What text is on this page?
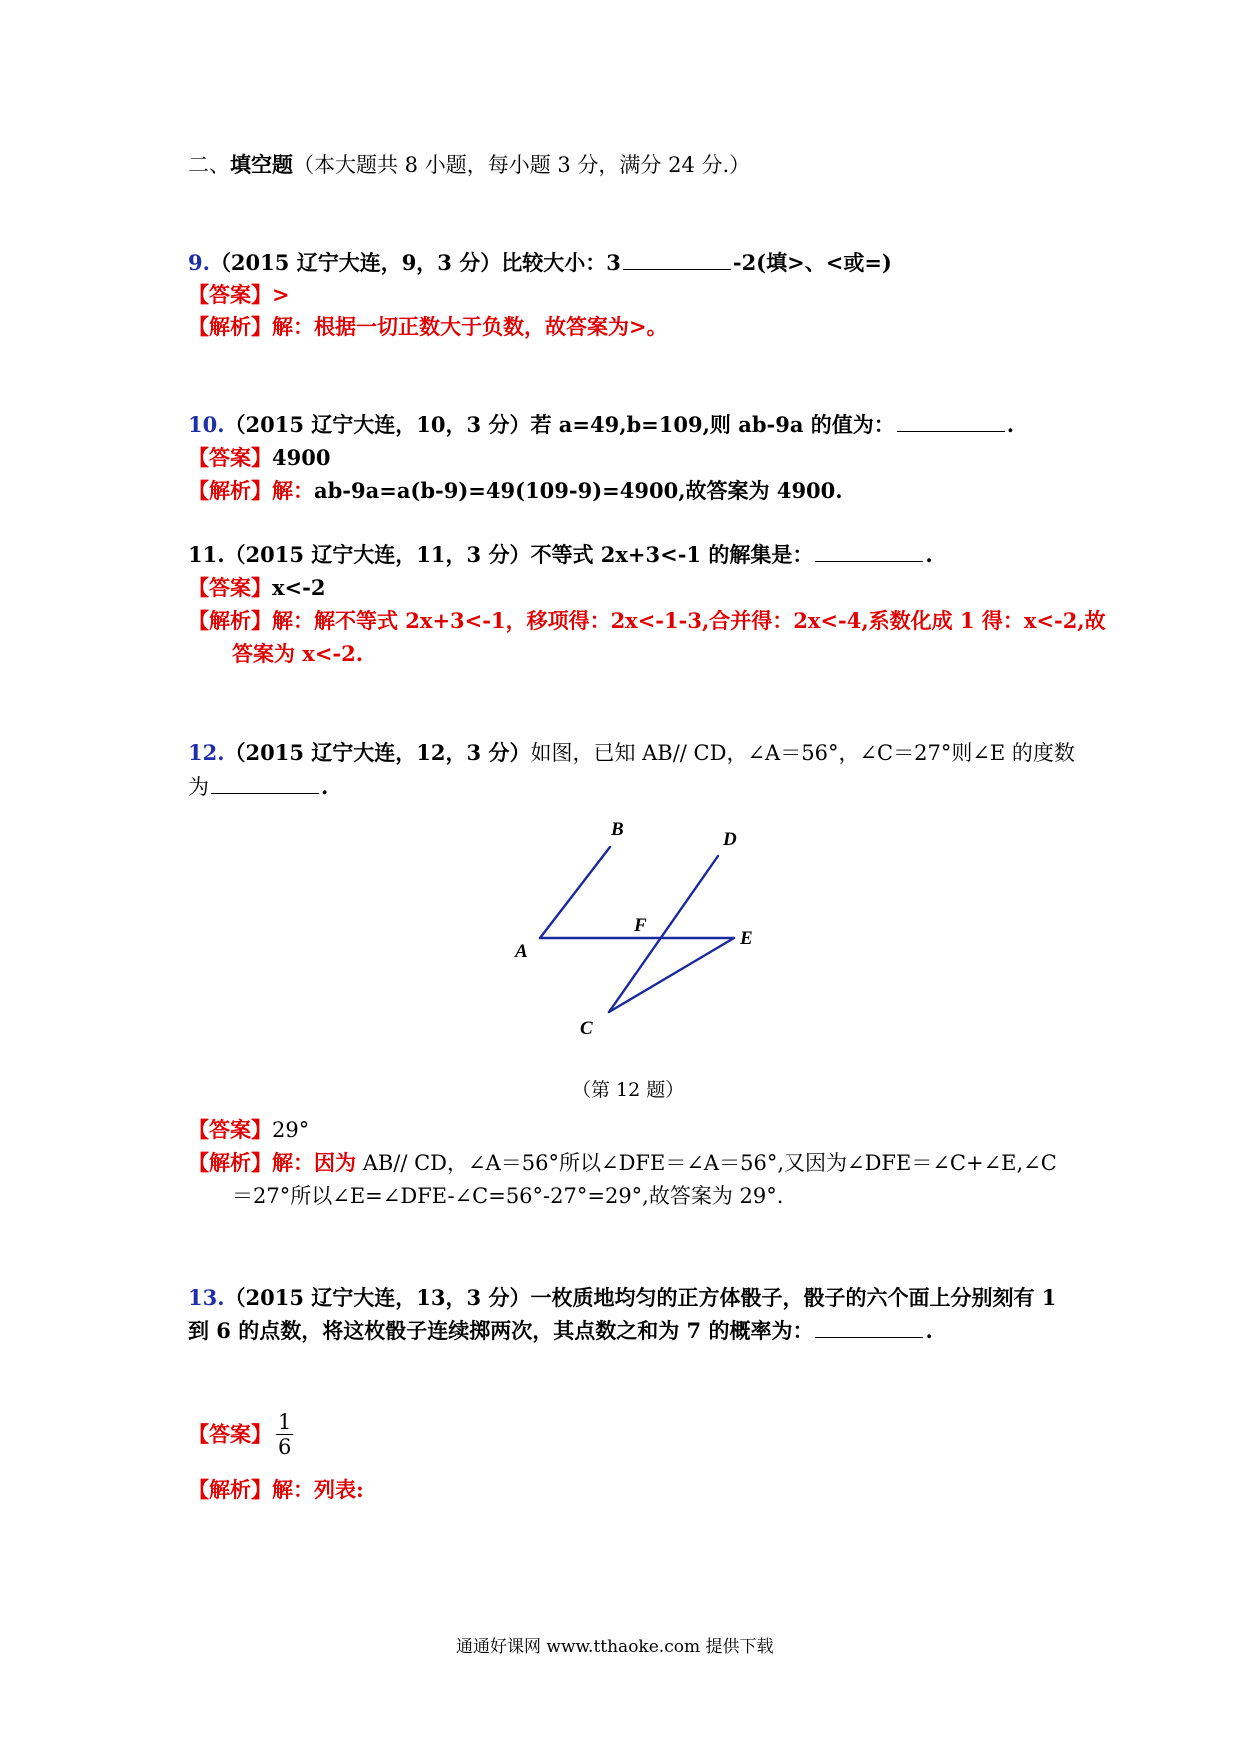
二、填空题（本大题共 8 小题，每小题 3 分，满分 24 分.）
9.（2015 辽宁大连，9，3 分）比较大小：3	-2(填>、<或=)
【答案】>
【解析】解：根据一切正数大于负数，故答案为>。
10.（2015 辽宁大连，10，3 分）若 a=49,b=109,则 ab-9a 的值为：	.
【答案】4900
【解析】解：ab-9a=a(b-9)=49(109-9)=4900,故答案为 4900.
11.（2015 辽宁大连，11，3 分）不等式 2x+3<-1 的解集是：	.
【答案】x<-2
【解析】解：解不等式 2x+3<-1，移项得：2x<-1-3,合并得：2x<-4,系数化成 1 得：x<-2,故
答案为 x<-2.
12.（2015 辽宁大连，12，3 分）如图，已知 AB// CD，∠A＝56°，∠C＝27°则∠E 的度数
为	.
B	D
F
E
A
C
（第 12 题）
【答案】29°
【解析】解：因为 AB// CD，∠A＝56°所以∠DFE＝∠A＝56°,又因为∠DFE＝∠C+∠E,∠C
＝27°所以∠E=∠DFE-∠C=56°-27°=29°,故答案为 29°.
13.（2015 辽宁大连，13，3 分）一枚质地均匀的正方体骰子，骰子的六个面上分别刻有 1
到 6 的点数，将这枚骰子连续掷两次，其点数之和为 7 的概率为：	.
【答案】 $\frac{1}{6}$
【解析】解：列表:
通通好课网 www.tthaoke.com 提供下载
